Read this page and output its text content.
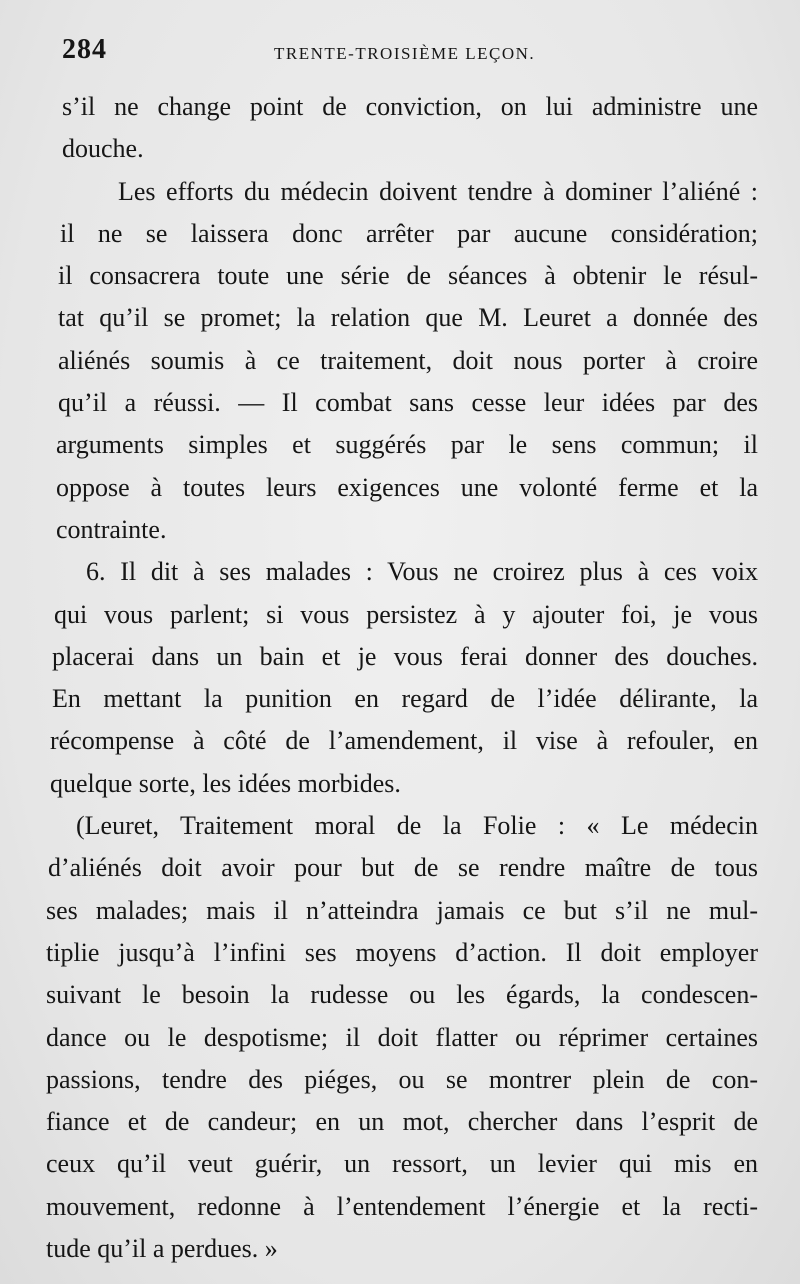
284	TRENTE-TROISIÈME LEÇON.
s’il ne change point de conviction, on lui administre une
douche.
Les efforts du médecin doivent tendre à dominer l’aliéné :
il ne se laissera donc arrêter par aucune considération;
il consacrera toute une série de séances à obtenir le résul-
tat qu’il se promet; la relation que M. Leuret a donnée des
aliénés soumis à ce traitement, doit nous porter à croire
qu’il a réussi. — Il combat sans cesse leur idées par des
arguments simples et suggérés par le sens commun; il
oppose à toutes leurs exigences une volonté ferme et la
contrainte.
6. Il dit à ses malades : Vous ne croirez plus à ces voix
qui vous parlent; si vous persistez à y ajouter foi, je vous
placerai dans un bain et je vous ferai donner des douches.
En mettant la punition en regard de l’idée délirante, la
récompense à côté de l’amendement, il vise à refouler, en
quelque sorte, les idées morbides.
(Leuret, Traitement moral de la Folie : « Le médecin
d’aliénés doit avoir pour but de se rendre maître de tous
ses malades; mais il n’atteindra jamais ce but s’il ne mul-
tiplie jusqu’à l’infini ses moyens d’action. Il doit employer
suivant le besoin la rudesse ou les égards, la condescen-
dance ou le despotisme; il doit flatter ou réprimer certaines
passions, tendre des piéges, ou se montrer plein de con-
fiance et de candeur; en un mot, chercher dans l’esprit de
ceux qu’il veut guérir, un ressort, un levier qui mis en
mouvement, redonne à l’entendement l’énergie et la recti-
tude qu’il a perdues. »
